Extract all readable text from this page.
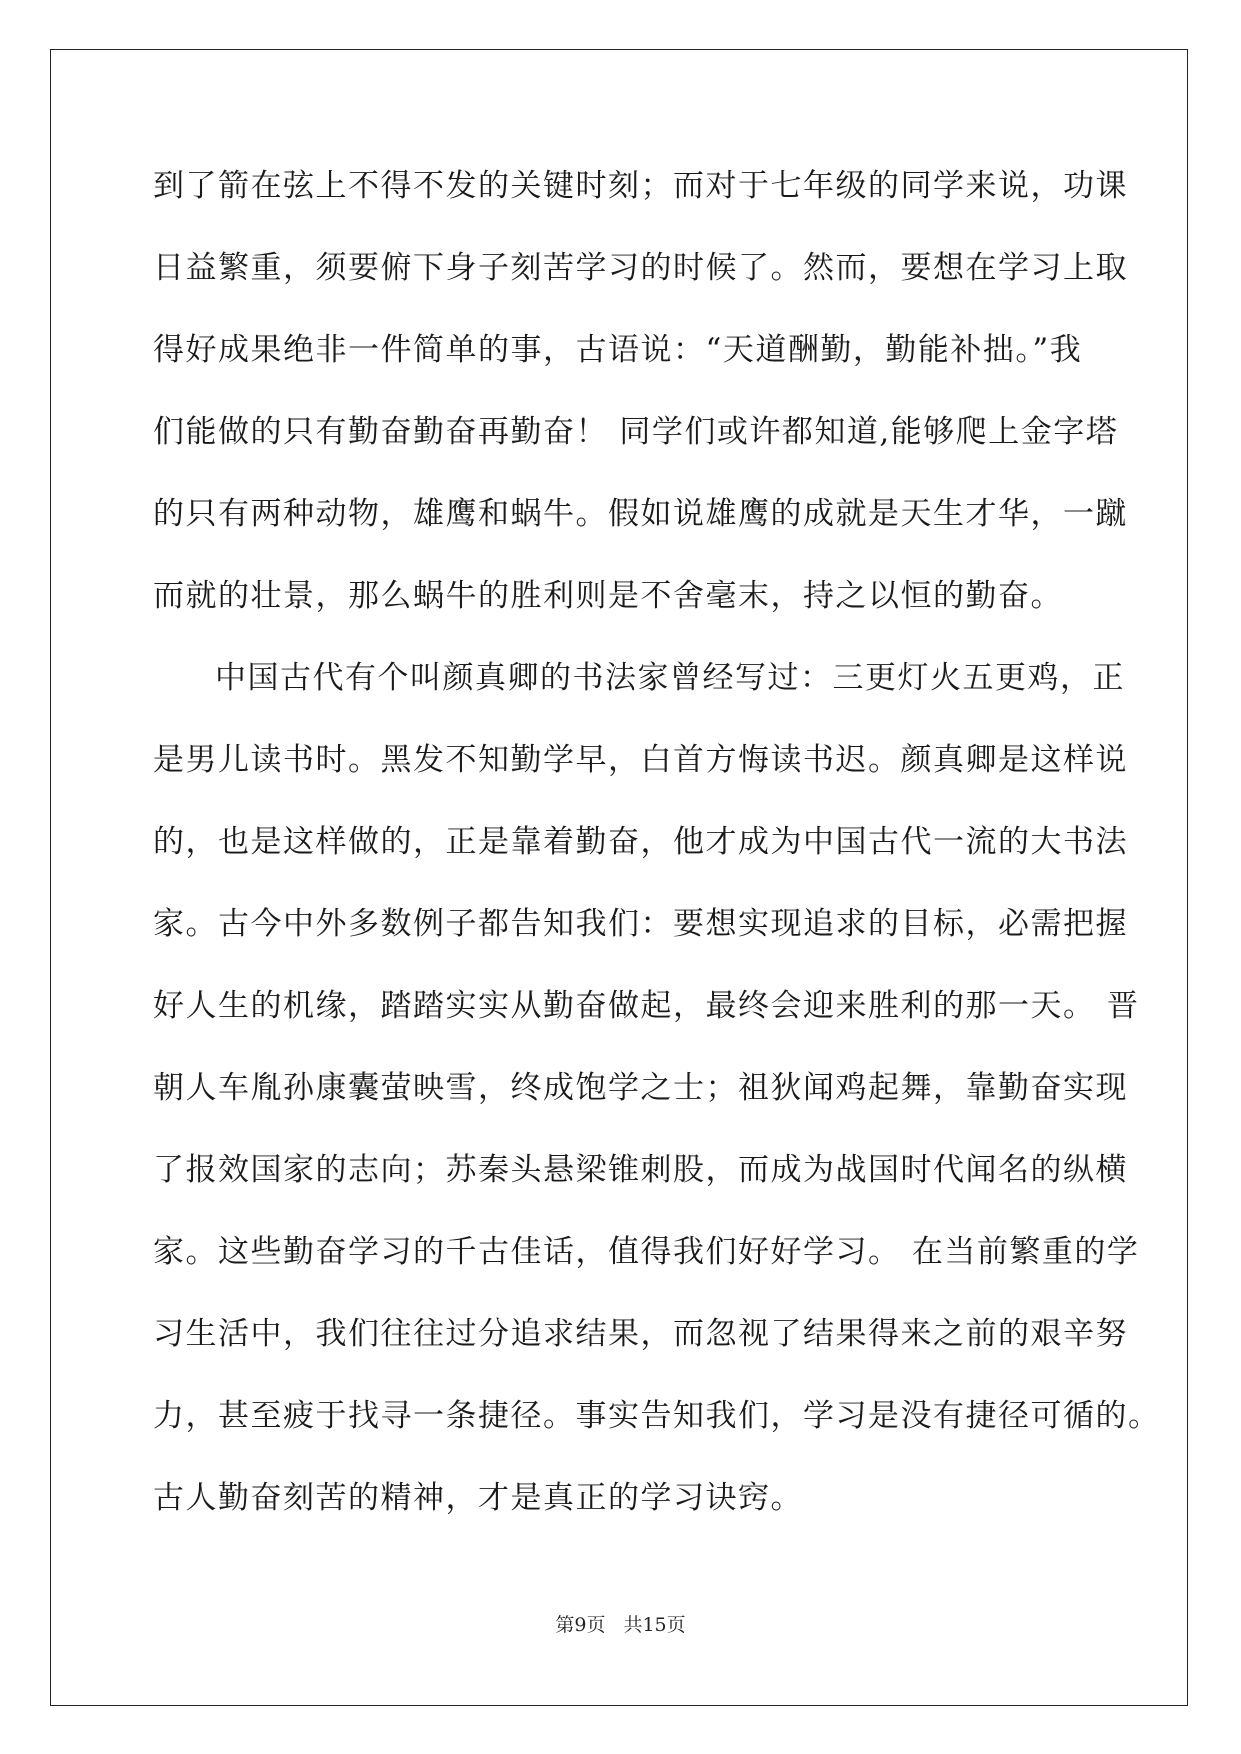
到了箭在弦上不得不发的关键时刻；而对于七年级的同学来说，功课
日益繁重，须要俯下身子刻苦学习的时候了。然而，要想在学习上取
得好成果绝非一件简单的事，古语说：“天道酬勤，勤能补拙。”我
们能做的只有勤奋勤奋再勤奋！ 同学们或许都知道,能够爬上金字塔
的只有两种动物，雄鹰和蜗牛。假如说雄鹰的成就是天生才华，一蹴
而就的壮景，那么蜗牛的胜利则是不舍毫末，持之以恒的勤奋。
中国古代有个叫颜真卿的书法家曾经写过：三更灯火五更鸡，正
是男儿读书时。黑发不知勤学早，白首方悔读书迟。颜真卿是这样说
的，也是这样做的，正是靠着勤奋，他才成为中国古代一流的大书法
家。古今中外多数例子都告知我们：要想实现追求的目标，必需把握
好人生的机缘，踏踏实实从勤奋做起，最终会迎来胜利的那一天。 晋
朝人车胤孙康囊萤映雪，终成饱学之士；祖狄闻鸡起舞，靠勤奋实现
了报效国家的志向；苏秦头悬梁锥刺股，而成为战国时代闻名的纵横
家。这些勤奋学习的千古佳话，值得我们好好学习。 在当前繁重的学
习生活中，我们往往过分追求结果，而忽视了结果得来之前的艰辛努
力，甚至疲于找寻一条捷径。事实告知我们，学习是没有捷径可循的。
古人勤奋刻苦的精神，才是真正的学习诀窍。
第9页 共15页
